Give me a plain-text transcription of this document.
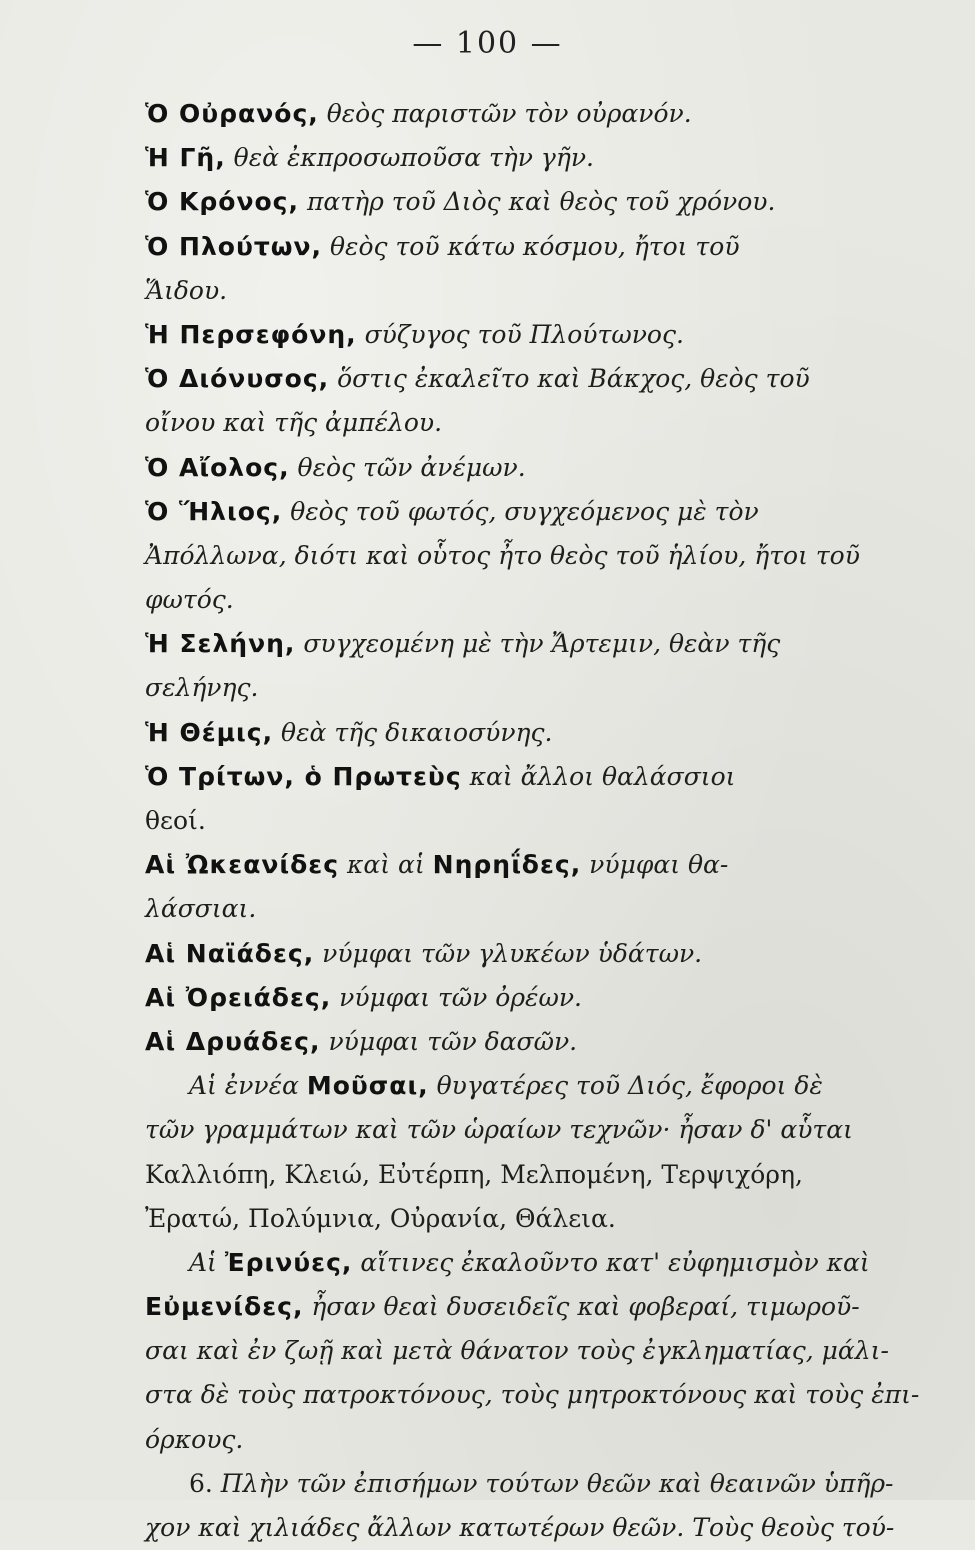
— 100 —
Ὁ Οὐρανός, θεὸς παριστῶν τὸν οὐρανόν.
Ἡ Γῆ, θεὰ ἐκπροσωποῦσα τὴν γῆν.
Ὁ Κρόνος, πατὴρ τοῦ Διὸς καὶ θεὸς τοῦ χρόνου.
Ὁ Πλούτων, θεὸς τοῦ κάτω κόσμου, ἤτοι τοῦ
Ἅιδου.
Ἡ Περσεφόνη, σύζυγος τοῦ Πλούτωνος.
Ὁ Διόνυσος, ὅστις ἐκαλεῖτο καὶ Βάκχος, θεὸς τοῦ
οἴνου καὶ τῆς ἀμπέλου.
Ὁ Αἴολος, θεὸς τῶν ἀνέμων.
Ὁ Ἥλιος, θεὸς τοῦ φωτός, συγχεόμενος μὲ τὸν
Ἀπόλλωνα, διότι καὶ οὗτος ἦτο θεὸς τοῦ ἡλίου, ἤτοι τοῦ
φωτός.
Ἡ Σελήνη, συγχεομένη μὲ τὴν Ἄρτεμιν, θεὰν τῆς
σελήνης.
Ἡ Θέμις, θεὰ τῆς δικαιοσύνης.
Ὁ Τρίτων, ὁ Πρωτεὺς καὶ ἄλλοι θαλάσσιοι
θεοί.
Αἱ Ὠκεανίδες καὶ αἱ Νηρηΐδες, νύμφαι θα-
λάσσιαι.
Αἱ Ναϊάδες, νύμφαι τῶν γλυκέων ὑδάτων.
Αἱ Ὀρειάδες, νύμφαι τῶν ὀρέων.
Αἱ Δρυάδες, νύμφαι τῶν δασῶν.
Αἱ ἐννέα Μοῦσαι, θυγατέρες τοῦ Διός, ἔφοροι δὲ
τῶν γραμμάτων καὶ τῶν ὡραίων τεχνῶν· ἦσαν δ' αὗται
Καλλιόπη, Κλειώ, Εὐτέρπη, Μελπομένη, Τερψιχόρη,
Ἐρατώ, Πολύμνια, Οὐρανία, Θάλεια.
Αἱ Ἐρινύες, αἵτινες ἐκαλοῦντο κατ' εὐφημισμὸν καὶ
Εὐμενίδες, ἦσαν θεαὶ δυσειδεῖς καὶ φοβεραί, τιμωροῦ-
σαι καὶ ἐν ζωῇ καὶ μετὰ θάνατον τοὺς ἐγκληματίας, μάλι-
στα δὲ τοὺς πατροκτόνους, τοὺς μητροκτόνους καὶ τοὺς ἐπι-
όρκους.
6. Πλὴν τῶν ἐπισήμων τούτων θεῶν καὶ θεαινῶν ὑπῆρ-
χον καὶ χιλιάδες ἄλλων κατωτέρων θεῶν. Τοὺς θεοὺς τού-
